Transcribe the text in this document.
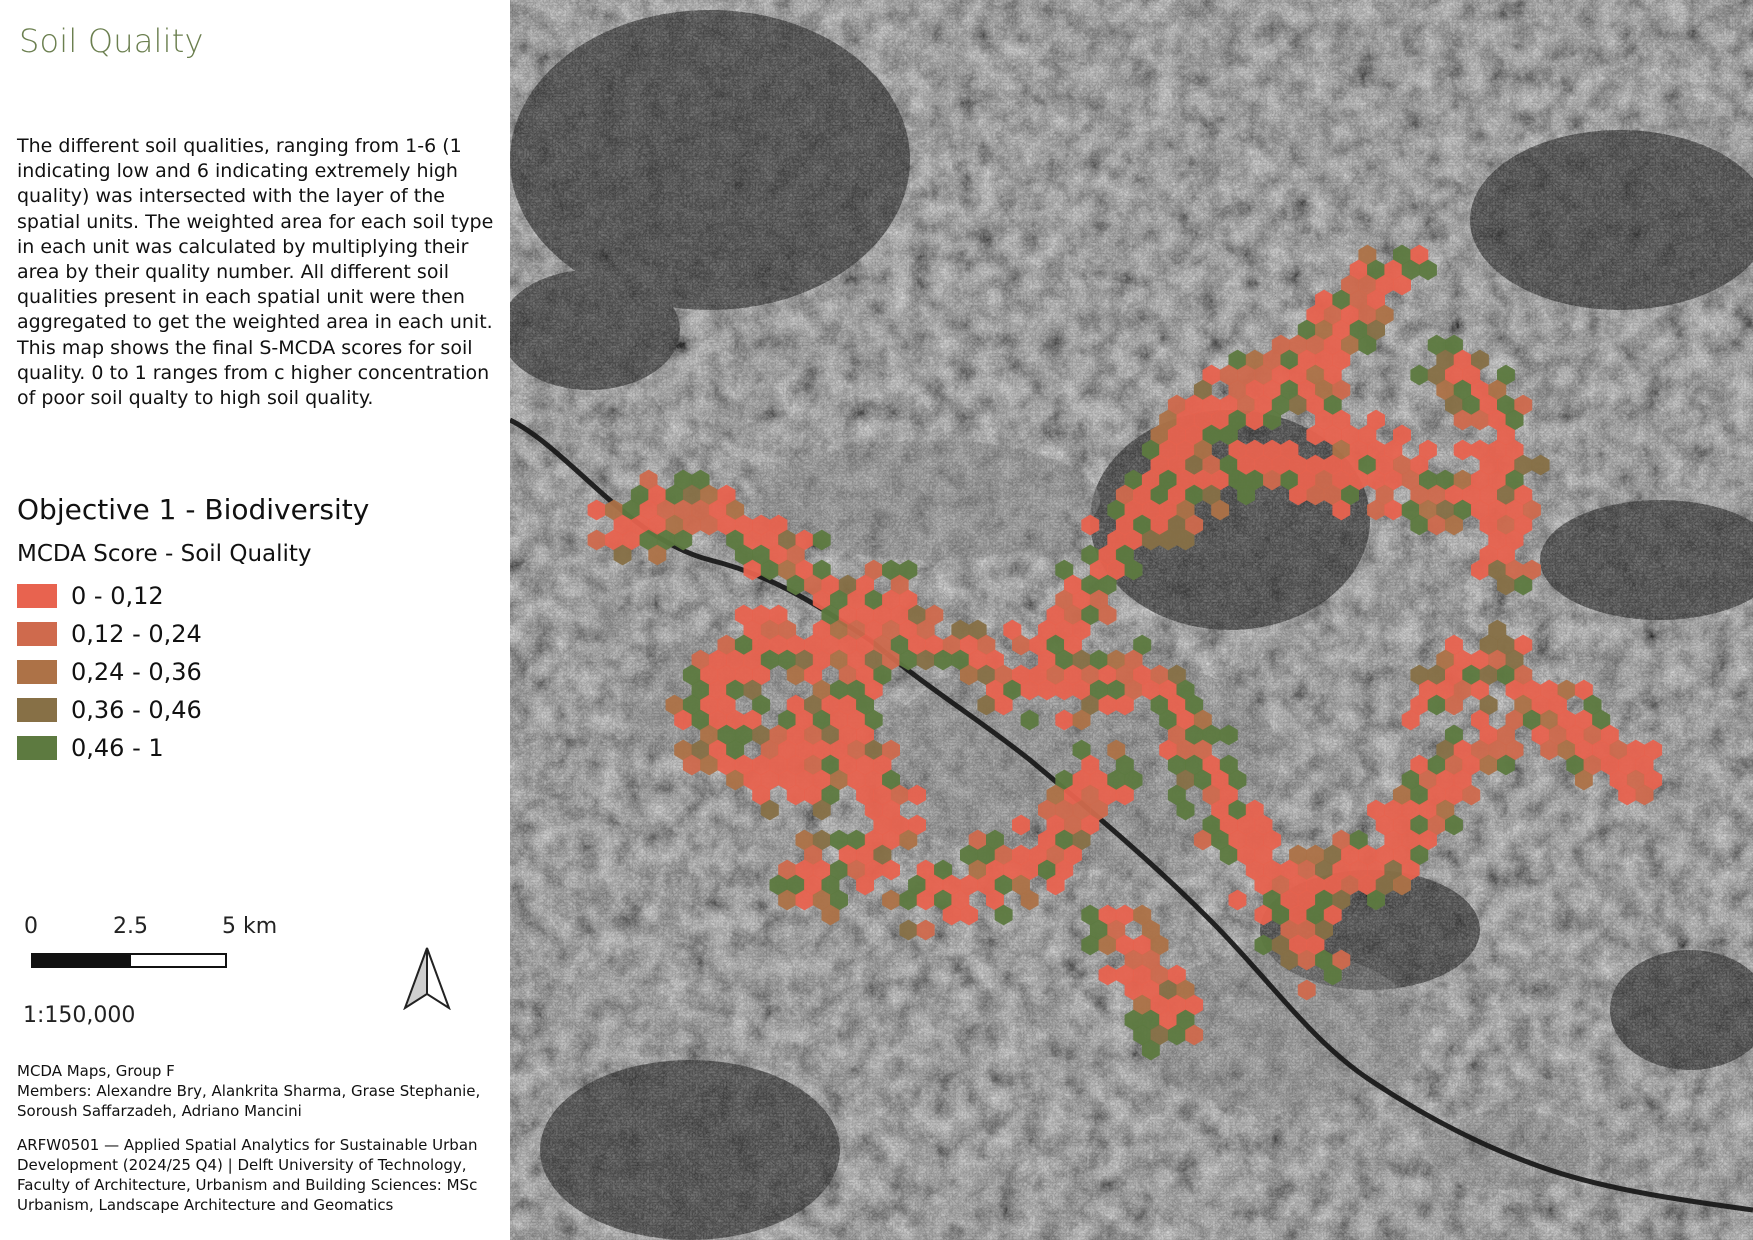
Soil Quality
The different soil qualities, ranging from 1-6 (1 indicating low and 6 indicating extremely high quality) was intersected with the layer of the spatial units. The weighted area for each soil type in each unit was calculated by multiplying their area by their quality number. All different soil qualities present in each spatial unit were then aggregated to get the weighted area in each unit. This map shows the final S-MCDA scores for soil quality. 0 to 1 ranges from c higher concentration of poor soil qualty to high soil quality.
Objective 1 - Biodiversity
MCDA Score - Soil Quality
0 - 0,12
0,12 - 0,24
0,24 - 0,36
0,36 - 0,46
0,46 - 1
0	2.5	5 km
1:150,000

MCDA Maps, Group F

Members: Alexandre Bry, Alankrita Sharma, Grase Stephanie, Soroush Saffarzadeh, Adriano Mancini

ARFW0501 — Applied Spatial Analytics for Sustainable Urban Development (2024/25 Q4) | Delft University of Technology, Faculty of Architecture, Urbanism and Building Sciences: MSc Urbanism, Landscape Architecture and Geomatics
